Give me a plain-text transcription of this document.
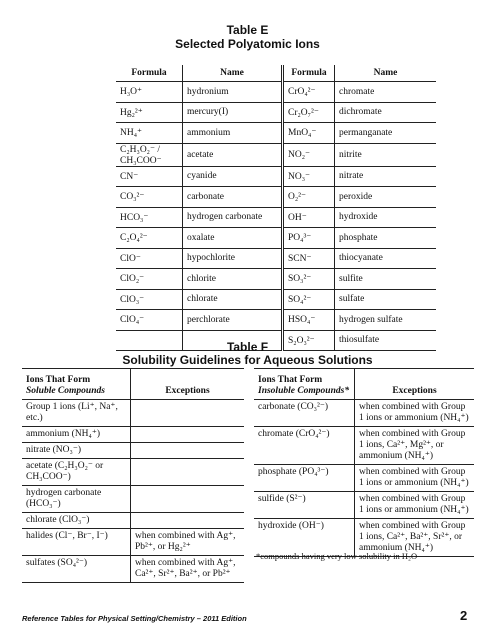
Table E
Selected Polyatomic Ions
Formula	Name	Formula	Name
H₃O⁺	hydronium	CrO₄²⁻	chromate
Hg₂²⁺	mercury(I)	Cr₂O₇²⁻	dichromate
NH₄⁺	ammonium	MnO₄⁻	permanganate
C₂H₃O₂⁻ / CH₃COO⁻	acetate	NO₂⁻	nitrite
CN⁻	cyanide	NO₃⁻	nitrate
CO₃²⁻	carbonate	O₂²⁻	peroxide
HCO₃⁻	hydrogen carbonate	OH⁻	hydroxide
C₂O₄²⁻	oxalate	PO₄³⁻	phosphate
ClO⁻	hypochlorite	SCN⁻	thiocyanate
ClO₂⁻	chlorite	SO₃²⁻	sulfite
ClO₃⁻	chlorate	SO₄²⁻	sulfate
ClO₄⁻	perchlorate	HSO₄⁻	hydrogen sulfate
		S₂O₃²⁻	thiosulfate
Table F
Solubility Guidelines for Aqueous Solutions
Ions That Form
Soluble Compounds	Exceptions
Group 1 ions (Li⁺, Na⁺, etc.)	
ammonium (NH₄⁺)	
nitrate (NO₃⁻)	
acetate (C₂H₃O₂⁻ or CH₃COO⁻)	
hydrogen carbonate (HCO₃⁻)	
chlorate (ClO₃⁻)	
halides (Cl⁻, Br⁻, I⁻)	when combined with Ag⁺, Pb²⁺, or Hg₂²⁺
sulfates (SO₄²⁻)	when combined with Ag⁺, Ca²⁺, Sr²⁺, Ba²⁺, or Pb²⁺
Ions That Form
Insoluble Compounds*	Exceptions
carbonate (CO₃²⁻)	when combined with Group 1 ions or ammonium (NH₄⁺)
chromate (CrO₄²⁻)	when combined with Group 1 ions, Ca²⁺, Mg²⁺, or ammonium (NH₄⁺)
phosphate (PO₄³⁻)	when combined with Group 1 ions or ammonium (NH₄⁺)
sulfide (S²⁻)	when combined with Group 1 ions or ammonium (NH₄⁺)
hydroxide (OH⁻)	when combined with Group 1 ions, Ca²⁺, Ba²⁺, Sr²⁺, or ammonium (NH₄⁺)
*compounds having very low solubility in H₂O
Reference Tables for Physical Setting/Chemistry – 2011 Edition	2
